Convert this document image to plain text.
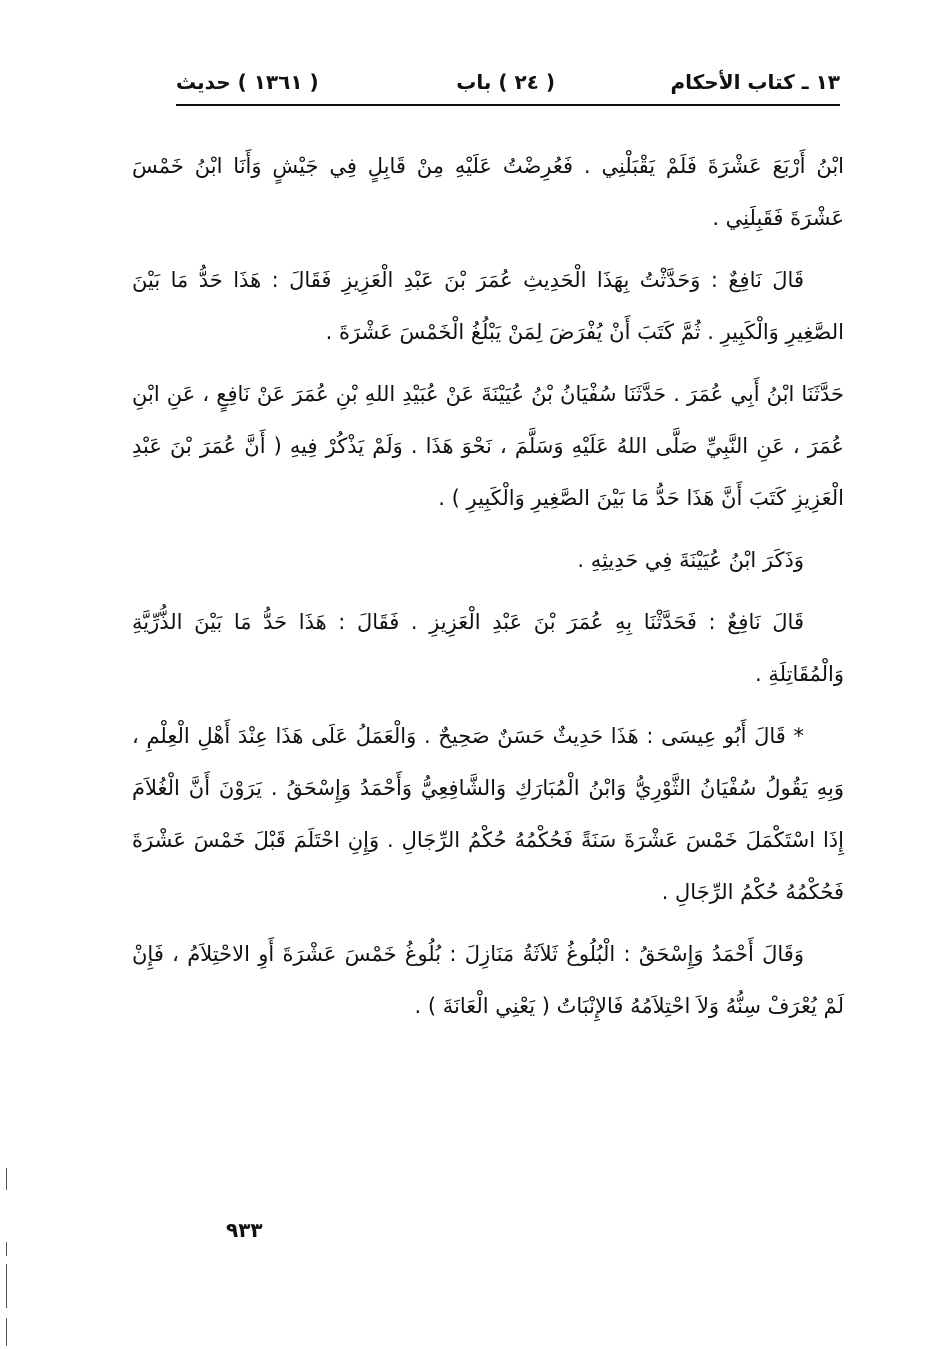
١٣ ـ كتاب الأحكام
( ٢٤ ) باب
( ١٣٦١ ) حديث

ابْنُ أَرْبَعَ عَشْرَةَ فَلَمْ يَقْبَلْنِي . فَعُرِضْتُ عَلَيْهِ مِنْ قَابِلٍ فِي جَيْشٍ وَأَنَا ابْنُ خَمْسَ عَشْرَةَ فَقَبِلَنِي .

قَالَ نَافِعٌ : وَحَدَّثْتُ بِهَذَا الْحَدِيثِ عُمَرَ بْنَ عَبْدِ الْعَزِيزِ فَقَالَ : هَذَا حَدُّ مَا بَيْنَ الصَّغِيرِ وَالْكَبِيرِ . ثُمَّ كَتَبَ أَنْ يُفْرَضَ لِمَنْ يَبْلُغُ الْخَمْسَ عَشْرَةَ .

حَدَّثَنَا ابْنُ أَبِي عُمَرَ . حَدَّثَنَا سُفْيَانُ بْنُ عُيَيْنَةَ عَنْ عُبَيْدِ اللهِ بْنِ عُمَرَ عَنْ نَافِعٍ ، عَنِ ابْنِ عُمَرَ ، عَنِ النَّبِيِّ صَلَّى اللهُ عَلَيْهِ وَسَلَّمَ ، نَحْوَ هَذَا . وَلَمْ يَذْكُرْ فِيهِ ( أَنَّ عُمَرَ بْنَ عَبْدِ الْعَزِيزِ كَتَبَ أَنَّ هَذَا حَدُّ مَا بَيْنَ الصَّغِيرِ وَالْكَبِيرِ ) .

وَذَكَرَ ابْنُ عُيَيْنَةَ فِي حَدِيثِهِ .

قَالَ نَافِعٌ : فَحَدَّثْنَا بِهِ عُمَرَ بْنَ عَبْدِ الْعَزِيزِ . فَقَالَ : هَذَا حَدُّ مَا بَيْنَ الذُّرِّيَّةِ وَالْمُقَاتِلَةِ .

* قَالَ أَبُو عِيسَى : هَذَا حَدِيثٌ حَسَنٌ صَحِيحٌ . وَالْعَمَلُ عَلَى هَذَا عِنْدَ أَهْلِ الْعِلْمِ ، وَبِهِ يَقُولُ سُفْيَانُ الثَّوْرِيُّ وَابْنُ الْمُبَارَكِ وَالشَّافِعِيُّ وَأَحْمَدُ وَإِسْحَقُ . يَرَوْنَ أَنَّ الْغُلاَمَ إِذَا اسْتَكْمَلَ خَمْسَ عَشْرَةَ سَنَةً فَحُكْمُهُ حُكْمُ الرِّجَالِ . وَإِنِ احْتَلَمَ قَبْلَ خَمْسَ عَشْرَةَ فَحُكْمُهُ حُكْمُ الرِّجَالِ .

وَقَالَ أَحْمَدُ وَإِسْحَقُ : الْبُلُوغُ ثَلاَثَةُ مَنَازِلَ : بُلُوغُ خَمْسَ عَشْرَةَ أَوِ الاحْتِلاَمُ ، فَإِنْ لَمْ يُعْرَفْ سِنُّهُ وَلاَ احْتِلاَمُهُ فَالإِنْبَاتُ ( يَعْنِي الْعَانَةَ ) .

٩٣٣
